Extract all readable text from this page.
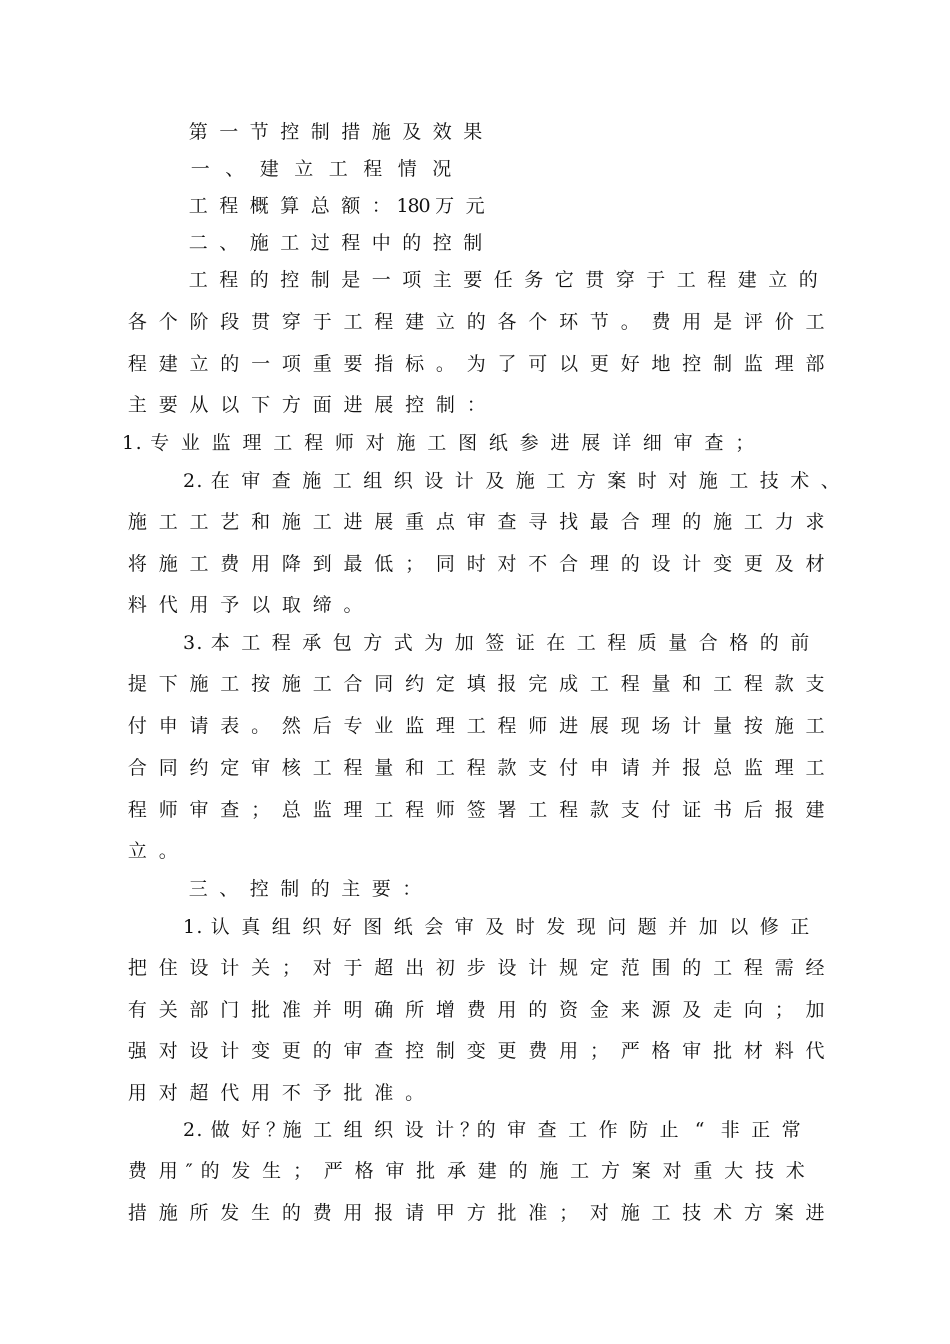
第 一 节 控 制 措 施 及 效 果
一 、 建 立 工 程 情 况
工 程 概 算 总 额 ： 1
8
0 万 元
二 、 施 工 过 程 中 的 控 制
工 程 的 控 制 是 一 项 主 要 任 务 它 贯 穿 于 工 程 建 立 的
各 个 阶 段 贯 穿 于 工 程 建 立 的 各 个 环 节 。 费 用 是 评 价 工
程 建 立 的 一 项 重 要 指 标 。 为 了 可 以 更 好 地 控 制 监 理 部
主 要 从 以 下 方 面 进 展 控 制 ：
1 . 专 业 监 理 工 程 师 对 施 工 图 纸 参 进 展 详 细 审 查 ；
2 . 在 审 查 施 工 组 织 设 计 及 施 工 方 案 时 对 施 工 技 术 、
施 工 工 艺 和 施 工 进 展 重 点 审 查 寻 找 最 合 理 的 施 工 力 求
将 施 工 费 用 降 到 最 低 ； 同 时 对 不 合 理 的 设 计 变 更 及 材
料 代 用 予 以 取 缔 。
3 . 本 工 程 承 包 方 式 为 加 签 证 在 工 程 质 量 合 格 的 前
提 下 施 工 按 施 工 合 同 约 定 填 报 完 成 工 程 量 和 工 程 款 支
付 申 请 表 。 然 后 专 业 监 理 工 程 师 进 展 现 场 计 量 按 施 工
合 同 约 定 审 核 工 程 量 和 工 程 款 支 付 申 请 并 报 总 监 理 工
程 师 审 查 ； 总 监 理 工 程 师 签 署 工 程 款 支 付 证 书 后 报 建
立 。
三 、 控 制 的 主 要 ：
1 . 认 真 组 织 好 图 纸 会 审 及 时 发 现 问 题 并 加 以 修 正
把 住 设 计 关 ； 对 于 超 出 初 步 设 计 规 定 范 围 的 工 程 需 经
有 关 部 门 批 准 并 明 确 所 增 费 用 的 资 金 来 源 及 走 向 ； 加
强 对 设 计 变 更 的 审 查 控 制 变 更 费 用 ； 严 格 审 批 材 料 代
用 对 超 代 用 不 予 批 准 。
2 . 做 好 ？
施 工 组 织 设 计 ？
的 审 查 工 作 防 止 “ 非 正 常
费 用 ″ 的 发 生 ； 严 格 审 批 承 建 的 施 工 方 案 对 重 大 技 术
措 施 所 发 生 的 费 用 报 请 甲 方 批 准 ； 对 施 工 技 术 方 案 进
